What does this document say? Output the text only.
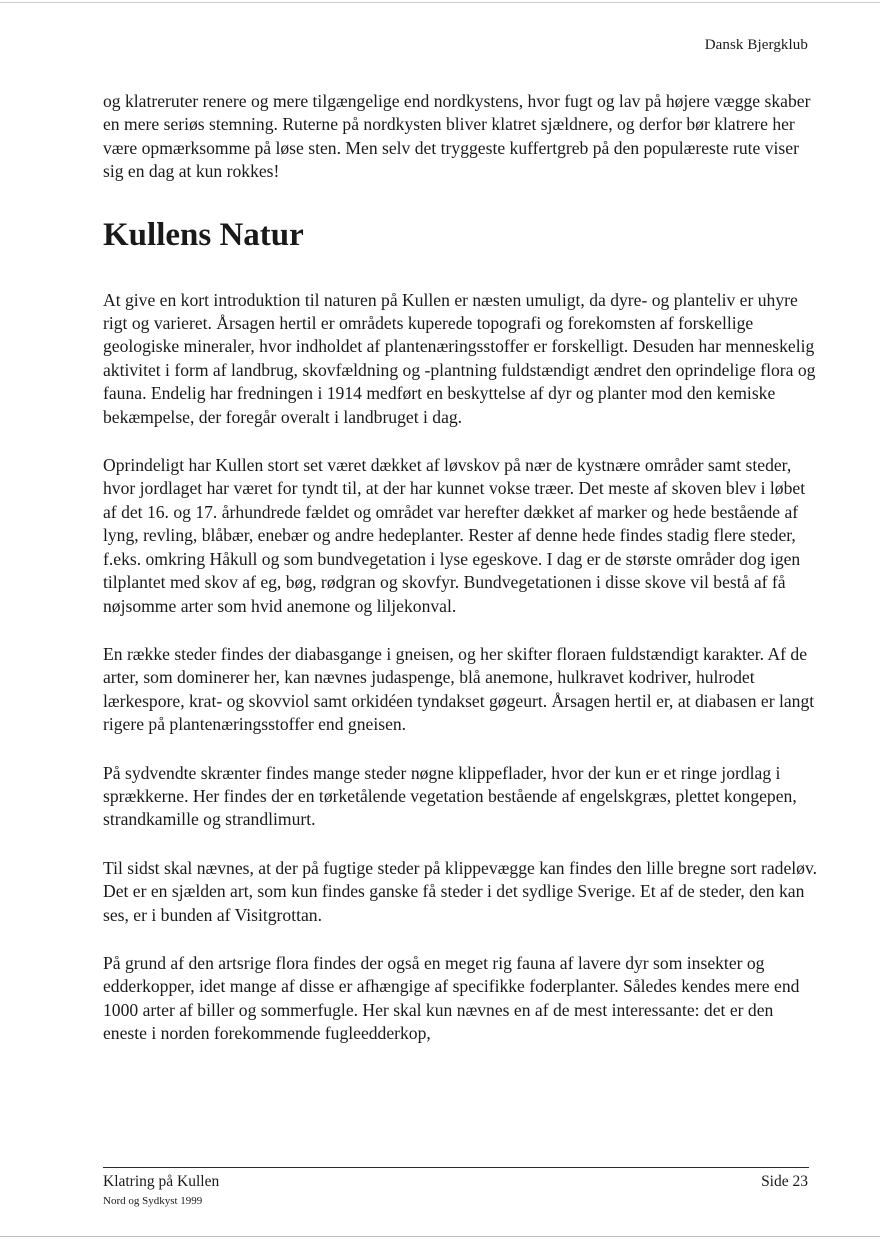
Dansk Bjergklub

og klatreruter renere og mere tilgængelige end nordkystens, hvor fugt og lav på højere vægge skaber en mere seriøs stemning. Ruterne på nordkysten bliver klatret sjældnere, og derfor bør klatrere her være opmærksomme på løse sten. Men selv det tryggeste kuffertgreb på den populæreste rute viser sig en dag at kun rokkes!

Kullens Natur

At give en kort introduktion til naturen på Kullen er næsten umuligt, da dyre- og planteliv er uhyre rigt og varieret. Årsagen hertil er områdets kuperede topografi og forekomsten af forskellige geologiske mineraler, hvor indholdet af plantenæringsstoffer er forskelligt. Desuden har menneskelig aktivitet i form af landbrug, skovfældning og -plantning fuldstændigt ændret den oprindelige flora og fauna. Endelig har fredningen i 1914 medført en beskyttelse af dyr og planter mod den kemiske bekæmpelse, der foregår overalt i landbruget i dag.

Oprindeligt har Kullen stort set været dækket af løvskov på nær de kystnære områder samt steder, hvor jordlaget har været for tyndt til, at der har kunnet vokse træer. Det meste af skoven blev i løbet af det 16. og 17. århundrede fældet og området var herefter dækket af marker og hede bestående af lyng, revling, blåbær, enebær og andre hedeplanter. Rester af denne hede findes stadig flere steder, f.eks. omkring Håkull og som bundvegetation i lyse egeskove. I dag er de største områder dog igen tilplantet med skov af eg, bøg, rødgran og skovfyr. Bundvegetationen i disse skove vil bestå af få nøjsomme arter som hvid anemone og liljekonval.

En række steder findes der diabasgange i gneisen, og her skifter floraen fuldstændigt karakter. Af de arter, som dominerer her, kan nævnes judaspenge, blå anemone, hulkravet kodriver, hulrodet lærkespore, krat- og skovviol samt orkidéen tyndakset gøgeurt. Årsagen hertil er, at diabasen er langt rigere på plantenæringsstoffer end gneisen.

På sydvendte skrænter findes mange steder nøgne klippeflader, hvor der kun er et ringe jordlag i sprækkerne. Her findes der en tørketålende vegetation bestående af engelskgræs, plettet kongepen, strandkamille og strandlimurt.

Til sidst skal nævnes, at der på fugtige steder på klippevægge kan findes den lille bregne sort radeløv. Det er en sjælden art, som kun findes ganske få steder i det sydlige Sverige. Et af de steder, den kan ses, er i bunden af Visitgrottan.

På grund af den artsrige flora findes der også en meget rig fauna af lavere dyr som insekter og edderkopper, idet mange af disse er afhængige af specifikke foderplanter. Således kendes mere end 1000 arter af biller og sommerfugle. Her skal kun nævnes en af de mest interessante: det er den eneste i norden forekommende fugleedderkop,

Klatring på Kullen
Nord og Sydkyst 1999
Side 23
